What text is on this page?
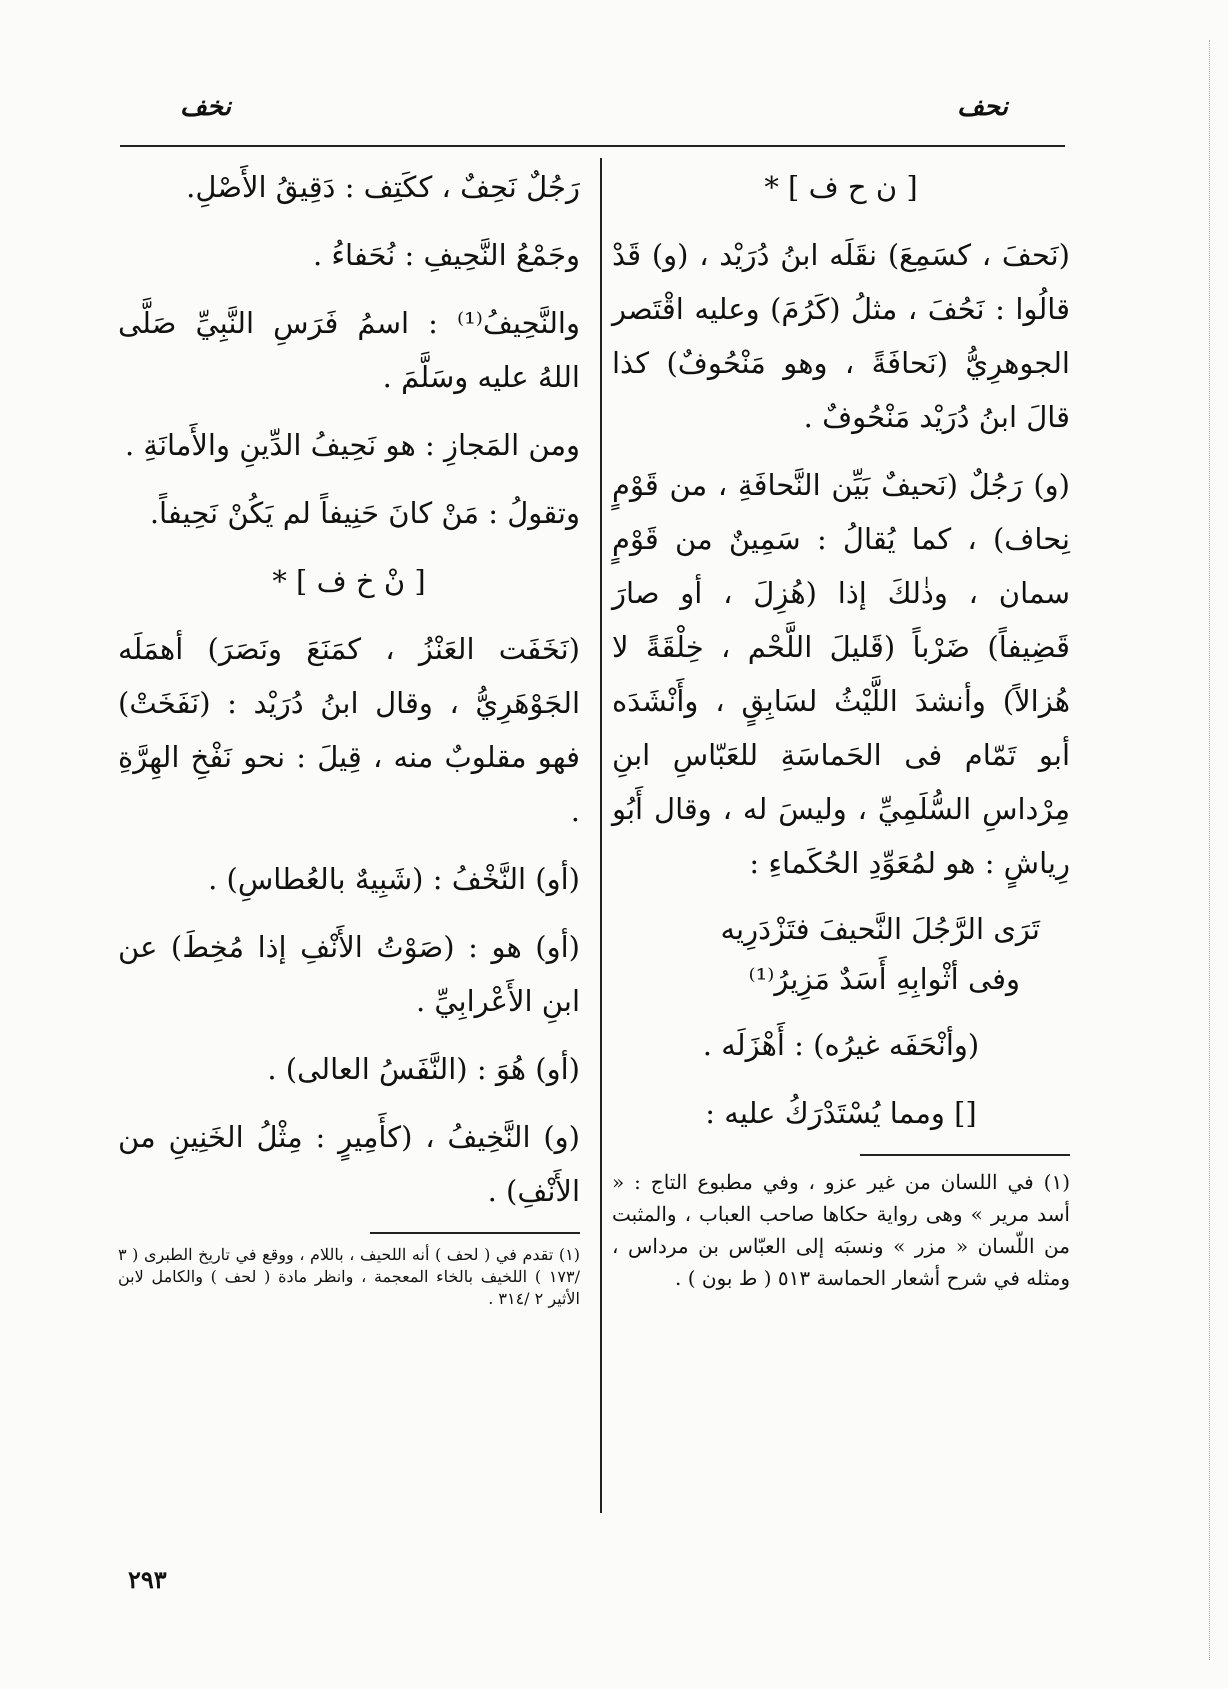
نحف
نخف
[ ن ح ف ] *

(نَحفَ ، كسَمِعَ) نقَلَه ابنُ دُرَيْد ، (و) قَدْ قالُوا : نَحُفَ ، مثلُ (كَرُمَ) وعليه اقْتَصر الجوهرِيُّ (نَحافَةً ، وهو مَنْحُوفٌ) كذا قالَ ابنُ دُرَيْد مَنْحُوفٌ .

(و) رَجُلٌ (نَحيفٌ بَيِّن النَّحافَةِ ، من قَوْمٍ نِحاف) ، كما يُقالُ : سَمِينٌ من قَوْمٍ سمان ، وذٰلكَ إذا (هُزِلَ ، أو صارَ قَضِيفاً) ضَرْباً (قَليلَ اللَّحْم ، خِلْقَةً لا هُزالاً) وأنشدَ اللَّيْثُ لسَابِقٍ ، وأَنْشَدَه أبو تَمّام فى الحَماسَةِ للعَبّاسِ ابنِ مِرْداسِ السُّلَمِيِّ ، وليسَ له ، وقال أَبُو رِياشٍ : هو لمُعَوِّدِ الحُكَماءِ :

تَرَى الرَّجُلَ النَّحيفَ فتَزْدَرِيه
وفى أثْوابِهِ أَسَدٌ مَزِيرُ⁽¹⁾

(وأنْحَفَه غيرُه) : أَهْزَلَه .

[] ومما يُسْتَدْرَكُ عليه :

(١) في اللسان من غير عزو ، وفي مطبوع التاج : « أسد مرير » وهى رواية حكاها صاحب العباب ، والمثبت من اللّسان « مزر » ونسبَه إلى العبّاس بن مرداس ، ومثله في شرح أشعار الحماسة ٥١٣ ( ط بون ) .

رَجُلٌ نَحِفٌ ، ككَتِف : دَقِيقُ الأَصْلِ.

وجَمْعُ النَّحِيفِ : نُحَفاءُ .

والنَّحِيفُ⁽¹⁾ : اسمُ فَرَسِ النَّبِيِّ صَلَّى اللهُ عليه وسَلَّمَ .

ومن المَجازِ : هو نَحِيفُ الدِّينِ والأَمانَةِ .

وتقولُ : مَنْ كانَ حَنِيفاً لم يَكُنْ نَحِيفاً.

[ نْ خ ف ] *

(نَخَفَت العَنْزُ ، كمَنَعَ ونَصَرَ) أهمَلَه الجَوْهَرِيُّ ، وقال ابنُ دُرَيْد : (نَفَخَتْ) فهو مقلوبٌ منه ، قِيلَ : نحو نَفْخِ الهِرَّةِ .

(أو) النَّخْفُ : (شَبِيهٌ بالعُطاسِ) .

(أو) هو : (صَوْتُ الأَنْفِ إذا مُخِطَ) عن ابنِ الأَعْرابِيِّ .

(أو) هُوَ : (النَّفَسُ العالى) .

(و) النَّخِيفُ ، (كأَمِيرٍ : مِثْلُ الخَنِينِ من الأَنْفِ) .

(١) تقدم في ( لحف ) أنه اللحيف ، باللام ، ووقع في تاريخ الطبرى ( ٣ /١٧٣ ) اللخيف بالخاء المعجمة ، وانظر مادة ( لحف ) والكامل لابن الأثير ٢ /٣١٤ .

٢٩٣
